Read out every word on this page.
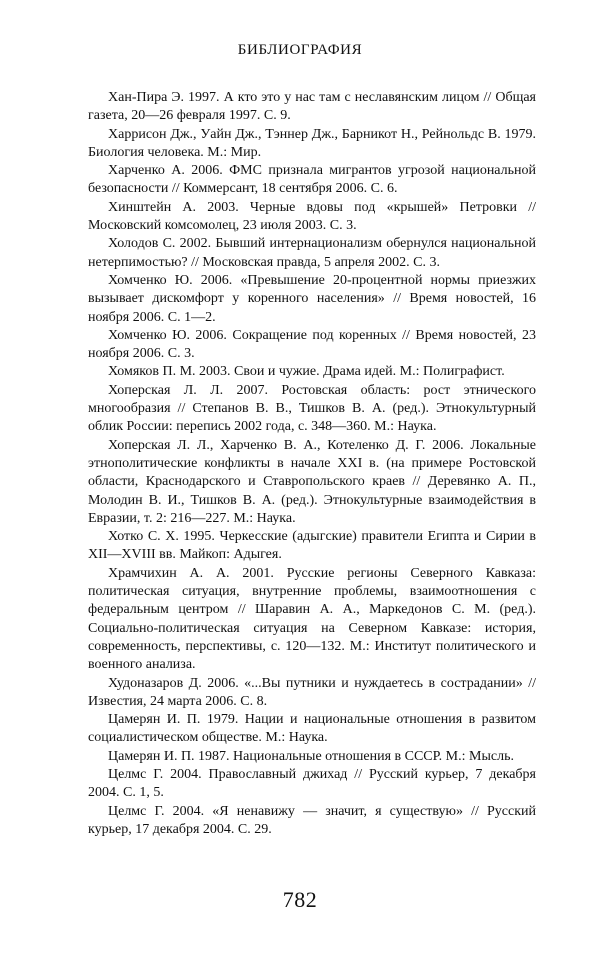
БИБЛИОГРАФИЯ

Хан-Пира Э. 1997. А кто это у нас там с неславянским лицом // Общая газета, 20—26 февраля 1997. С. 9.

Харрисон Дж., Уайн Дж., Тэннер Дж., Барникот Н., Рейнольдс В. 1979. Биология человека. М.: Мир.

Харченко А. 2006. ФМС признала мигрантов угрозой национальной безопасности // Коммерсант, 18 сентября 2006. С. 6.

Хинштейн А. 2003. Черные вдовы под «крышей» Петровки // Московский комсомолец, 23 июля 2003. С. 3.

Холодов С. 2002. Бывший интернационализм обернулся национальной нетерпимостью? // Московская правда, 5 апреля 2002. С. 3.

Хомченко Ю. 2006. «Превышение 20-процентной нормы приезжих вызывает дискомфорт у коренного населения» // Время новостей, 16 ноября 2006. С. 1—2.

Хомченко Ю. 2006. Сокращение под коренных // Время новостей, 23 ноября 2006. С. 3.

Хомяков П. М. 2003. Свои и чужие. Драма идей. М.: Полиграфист.

Хоперская Л. Л. 2007. Ростовская область: рост этнического многообразия // Степанов В. В., Тишков В. А. (ред.). Этнокультурный облик России: перепись 2002 года, с. 348—360. М.: Наука.

Хоперская Л. Л., Харченко В. А., Котеленко Д. Г. 2006. Локальные этнополитические конфликты в начале XXI в. (на примере Ростовской области, Краснодарского и Ставропольского краев // Деревянко А. П., Молодин В. И., Тишков В. А. (ред.). Этнокультурные взаимодействия в Евразии, т. 2: 216—227. М.: Наука.

Хотко С. Х. 1995. Черкесские (адыгские) правители Египта и Сирии в XII—XVIII вв. Майкоп: Адыгея.

Храмчихин А. А. 2001. Русские регионы Северного Кавказа: политическая ситуация, внутренние проблемы, взаимоотношения с федеральным центром // Шаравин А. А., Маркедонов С. М. (ред.). Социально-политическая ситуация на Северном Кавказе: история, современность, перспективы, с. 120—132. М.: Институт политического и военного анализа.

Худоназаров Д. 2006. «...Вы путники и нуждаетесь в сострадании» // Известия, 24 марта 2006. С. 8.

Цамерян И. П. 1979. Нации и национальные отношения в развитом социалистическом обществе. М.: Наука.

Цамерян И. П. 1987. Национальные отношения в СССР. М.: Мысль.

Целмс Г. 2004. Православный джихад // Русский курьер, 7 декабря 2004. С. 1, 5.

Целмс Г. 2004. «Я ненавижу — значит, я существую» // Русский курьер, 17 декабря 2004. С. 29.

782
